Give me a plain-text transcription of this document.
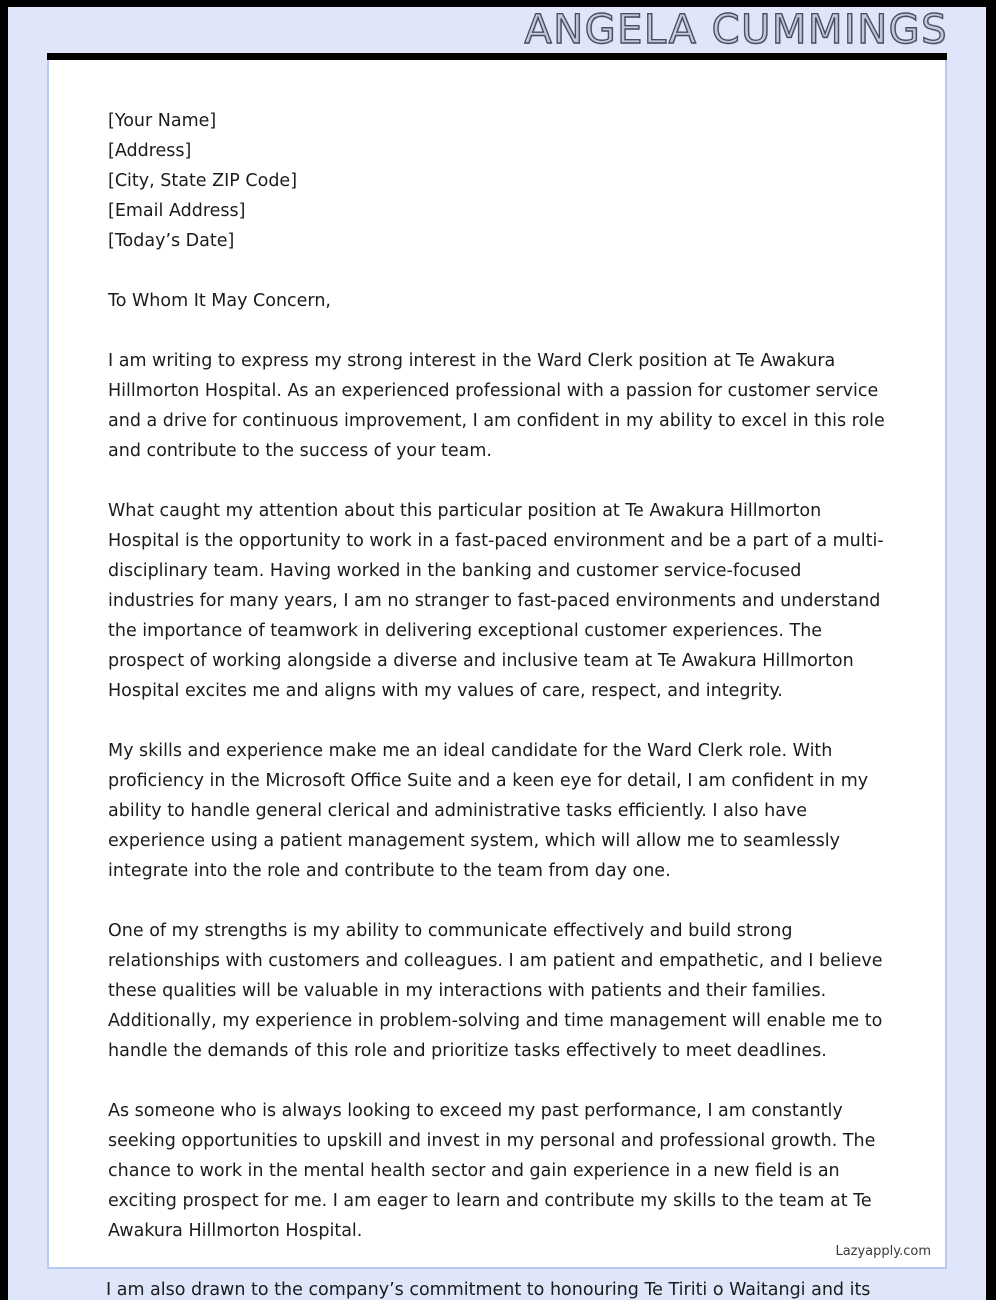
ANGELA CUMMINGS
[Your Name]
[Address]
[City, State ZIP Code]
[Email Address]
[Today’s Date]
To Whom It May Concern,

I am writing to express my strong interest in the Ward Clerk position at Te Awakura Hillmorton Hospital. As an experienced professional with a passion for customer service and a drive for continuous improvement, I am confident in my ability to excel in this role and contribute to the success of your team.

What caught my attention about this particular position at Te Awakura Hillmorton Hospital is the opportunity to work in a fast-paced environment and be a part of a multi-disciplinary team. Having worked in the banking and customer service-focused industries for many years, I am no stranger to fast-paced environments and understand the importance of teamwork in delivering exceptional customer experiences. The prospect of working alongside a diverse and inclusive team at Te Awakura Hillmorton Hospital excites me and aligns with my values of care, respect, and integrity.

My skills and experience make me an ideal candidate for the Ward Clerk role. With proficiency in the Microsoft Office Suite and a keen eye for detail, I am confident in my ability to handle general clerical and administrative tasks efficiently. I also have experience using a patient management system, which will allow me to seamlessly integrate into the role and contribute to the team from day one.

One of my strengths is my ability to communicate effectively and build strong relationships with customers and colleagues. I am patient and empathetic, and I believe these qualities will be valuable in my interactions with patients and their families. Additionally, my experience in problem-solving and time management will enable me to handle the demands of this role and prioritize tasks effectively to meet deadlines.

As someone who is always looking to exceed my past performance, I am constantly seeking opportunities to upskill and invest in my personal and professional growth. The chance to work in the mental health sector and gain experience in a new field is an exciting prospect for me. I am eager to learn and contribute my skills to the team at Te Awakura Hillmorton Hospital.

Lazyapply.com
I am also drawn to the company’s commitment to honouring Te Tiriti o Waitangi and its
